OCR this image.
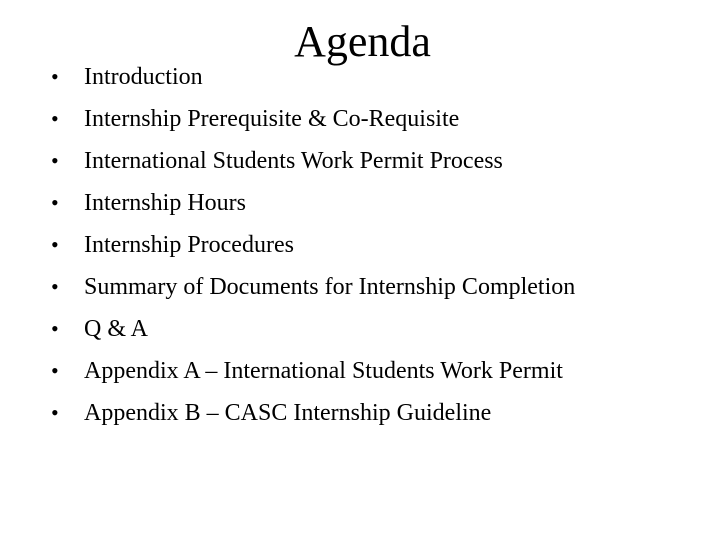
Agenda
• Introduction
• Internship Prerequisite & Co-Requisite
• International Students Work Permit Process
• Internship Hours
• Internship Procedures
• Summary of Documents for Internship Completion
• Q & A
• Appendix A – International Students Work Permit
• Appendix B – CASC Internship Guideline
